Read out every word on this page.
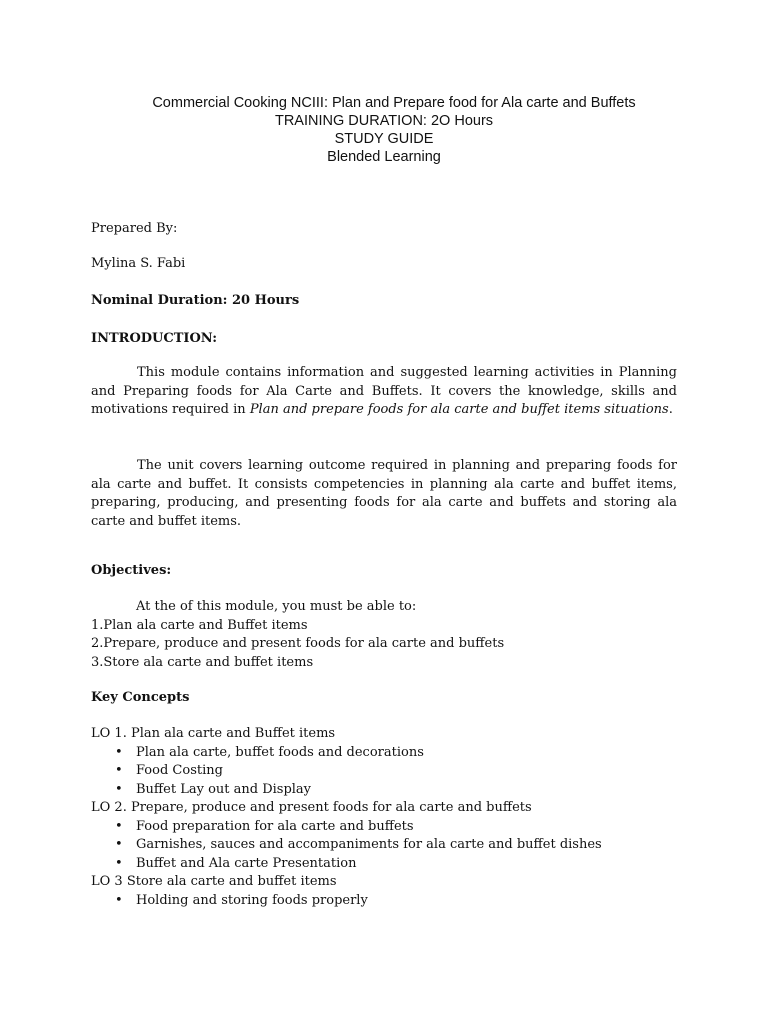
Commercial Cooking NCIII: Plan and Prepare food for Ala carte and Buffets
TRAINING DURATION: 2O Hours
STUDY GUIDE
Blended Learning
Prepared By:
Mylina S. Fabi
Nominal Duration: 20 Hours
INTRODUCTION:
This module contains information and suggested learning activities in Planning and Preparing foods for Ala Carte and Buffets. It covers the knowledge, skills and motivations required in Plan and prepare foods for ala carte and buffet items situations.
The unit covers learning outcome required in planning and preparing foods for ala carte and buffet. It consists competencies in planning ala carte and buffet items, preparing, producing, and presenting foods for ala carte and buffets and storing ala carte and buffet items.
Objectives:
At the of this module, you must be able to:
1.Plan ala carte and Buffet items
2.Prepare, produce and present foods for ala carte and buffets
3.Store ala carte and buffet items
Key Concepts
LO 1. Plan ala carte and Buffet items
• Plan ala carte, buffet foods and decorations
• Food Costing
• Buffet Lay out and Display
LO 2. Prepare, produce and present foods for ala carte and buffets
• Food preparation for ala carte and buffets
• Garnishes, sauces and accompaniments for ala carte and buffet dishes
• Buffet and Ala carte Presentation
LO 3 Store ala carte and buffet items
• Holding and storing foods properly
